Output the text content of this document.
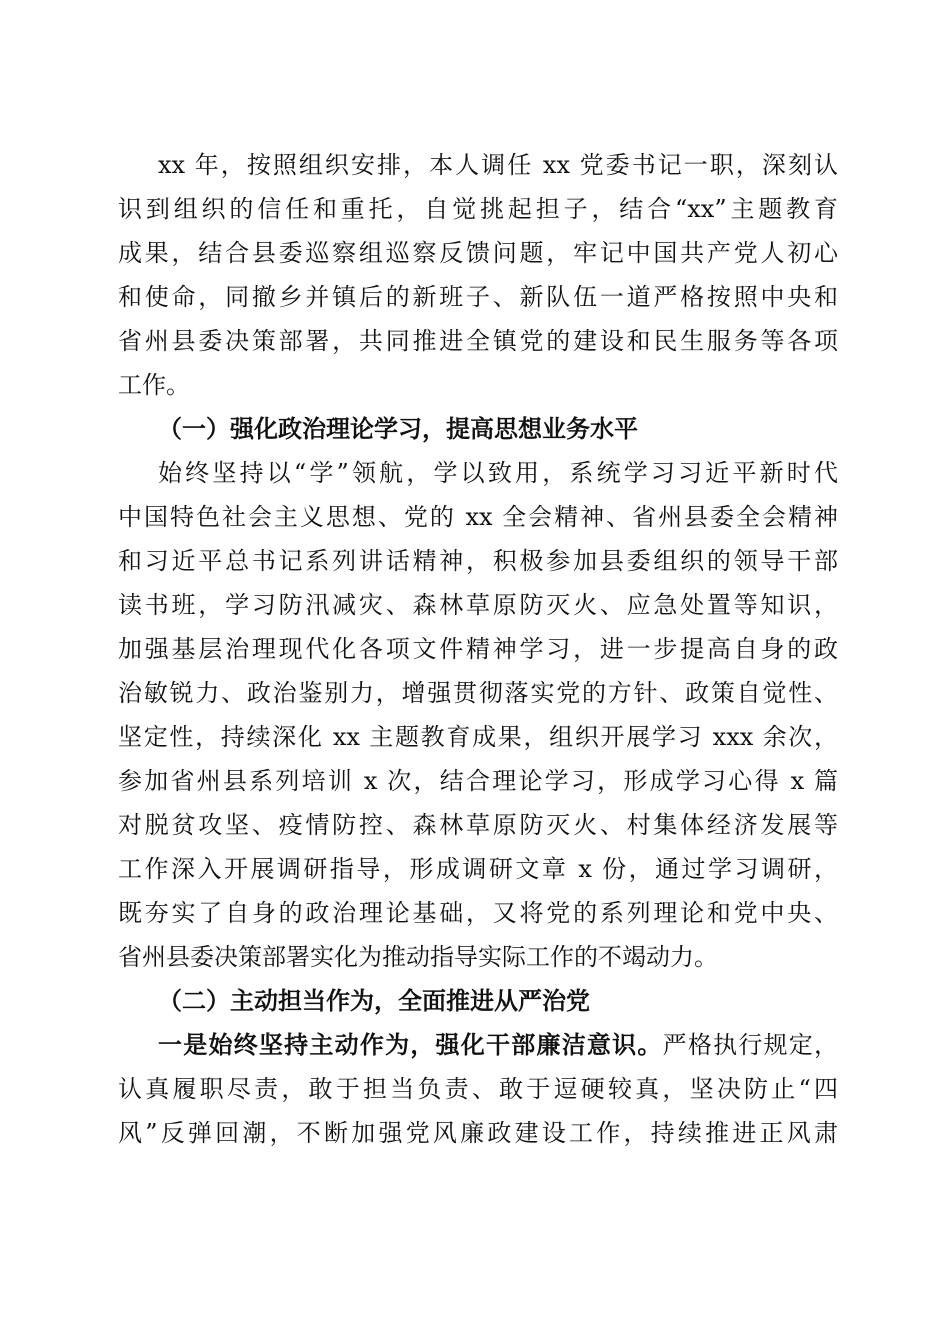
xx 年，按照组织安排，本人调任 xx 党委书记一职，深刻认
识到组织的信任和重托，自觉挑起担子，结合“xx”主题教育
成果，结合县委巡察组巡察反馈问题，牢记中国共产党人初心
和使命，同撤乡并镇后的新班子、新队伍一道严格按照中央和
省州县委决策部署，共同推进全镇党的建设和民生服务等各项
工作。
（一）强化政治理论学习，提高思想业务水平
始终坚持以“学”领航，学以致用，系统学习习近平新时代
中国特色社会主义思想、党的 xx 全会精神、省州县委全会精神
和习近平总书记系列讲话精神，积极参加县委组织的领导干部
读书班，学习防汛减灾、森林草原防灭火、应急处置等知识，
加强基层治理现代化各项文件精神学习，进一步提高自身的政
治敏锐力、政治鉴别力，增强贯彻落实党的方针、政策自觉性、
坚定性，持续深化 xx 主题教育成果，组织开展学习 xxx 余次，
参加省州县系列培训 x 次，结合理论学习，形成学习心得 x 篇
对脱贫攻坚、疫情防控、森林草原防灭火、村集体经济发展等
工作深入开展调研指导，形成调研文章 x 份，通过学习调研，
既夯实了自身的政治理论基础，又将党的系列理论和党中央、
省州县委决策部署实化为推动指导实际工作的不竭动力。
（二）主动担当作为，全面推进从严治党
一是始终坚持主动作为，强化干部廉洁意识。严格执行规定，
认真履职尽责，敢于担当负责、敢于逗硬较真，坚决防止“四
风”反弹回潮，不断加强党风廉政建设工作，持续推进正风肃
